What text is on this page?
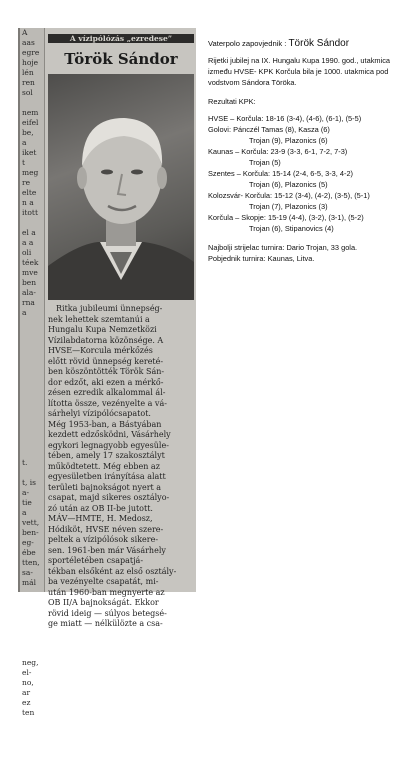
A
aas
egre
hoje
lén
ren
sol
nem
eifel
be,
a
iket
t
meg
re
elte
n a
itott
el a
a a
oli
téek
mve
ben
ala-
rna
a
t.
t, is
a-
tie
a
vett,
ben-
eg-
ébe
tten,
sa-
mál
neg,
el-
no,
ar
ez
ten
A vízipólózás „ezredese”
Török Sándor
Ritka jubileumi ünnepség-
nek lehettek szemtanúi a
Hungalu Kupa Nemzetközi
Vízilabdatorna közönsége. A
HVSE—Korcula mérkőzés
előtt rövid ünnepség kereté-
ben köszöntötték Török Sán-
dor edzőt, aki ezen a mérkő-
zésen ezredik alkalommal ál-
lította össze, vezényelte a vá-
sárhelyi vízipólócsapatot.
Még 1953-ban, a Bástyában
kezdett edzősködni, Vásárhely
egykori legnagyobb egyesüle-
tében, amely 17 szakosztályt
működtetett. Még ebben az
egyesületben irányítása alatt
területi bajnokságot nyert a
csapat, majd sikeres osztályo-
zó után az OB II-be jutott.
MÁV—HMTE, H. Medosz,
Hódiköt, HVSE néven szere-
peltek a vízipólósok sikere-
sen. 1961-ben már Vásárhely
sportéletében csapatjá-
tékban elsőként az első osztály-
ba vezényelte csapatát, mi-
után 1960-ban megnyerte az
OB II/A bajnokságát. Ekkor
rövid ideig — súlyos betegsé-
ge miatt — nélkülözte a csa-
Vaterpolo zapovjednik : Török Sándor
Rijetki jubilej na IX. Hungalu Kupa 1990. god., utakmica između HVSE- KPK Korčula bila je 1000. utakmica pod vodstvom Sándora Töröka.
Rezultati KPK:
HVSE – Korčula: 18-16 (3-4), (4-6), (6-1), (5-5)
Golovi: Pánczél Tamas (8), Kasza (6)
Trojan (9), Plazonics (6)
Kaunas – Korčula: 23-9 (3-3, 6-1, 7-2, 7-3)
Trojan (5)
Szentes – Korčula: 15-14 (2-4, 6-5, 3-3, 4-2)
Trojan (6), Plazonics (5)
Kolozsvár- Korčula: 15-12 (3-4), (4-2), (3-5), (5-1)
Trojan (7), Plazonics (3)
Korčula – Skopje: 15-19 (4-4), (3-2), (3-1), (5-2)
Trojan (6), Stipanovics (4)
Najbolji strijelac turnira: Dario Trojan, 33 gola.
Pobjednik turnira: Kaunas, Litva.
